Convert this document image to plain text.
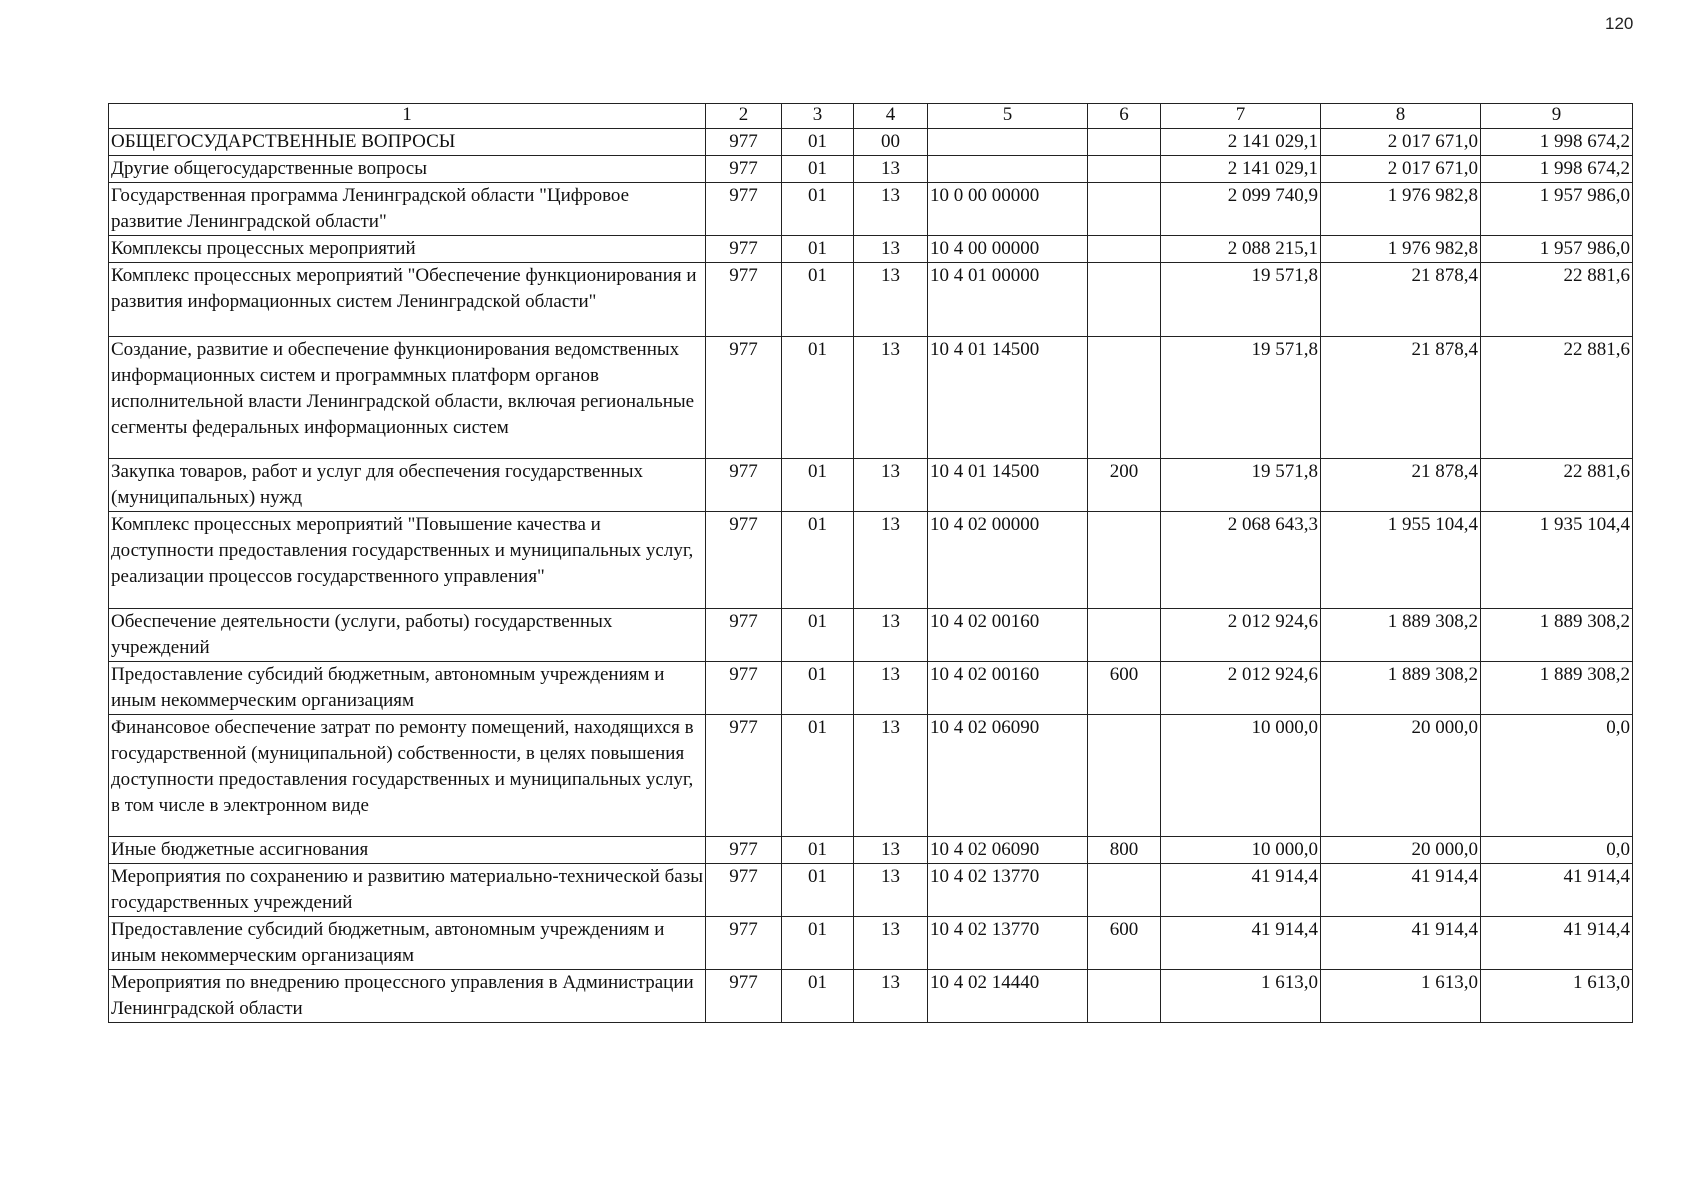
120
1	2	3	4	5	6	7	8	9
ОБЩЕГОСУДАРСТВЕННЫЕ ВОПРОСЫ	977	01	00			2 141 029,1	2 017 671,0	1 998 674,2
Другие общегосударственные вопросы	977	01	13			2 141 029,1	2 017 671,0	1 998 674,2
Государственная программа Ленинградской области "Цифровое развитие Ленинградской области"	977	01	13	10 0 00 00000		2 099 740,9	1 976 982,8	1 957 986,0
Комплексы процессных мероприятий	977	01	13	10 4 00 00000		2 088 215,1	1 976 982,8	1 957 986,0
Комплекс процессных мероприятий "Обеспечение функционирования и развития информационных систем Ленинградской области"	977	01	13	10 4 01 00000		19 571,8	21 878,4	22 881,6
Создание, развитие и обеспечение функционирования ведомственных информационных систем и программных платформ органов исполнительной власти Ленинградской области, включая региональные сегменты федеральных информационных систем	977	01	13	10 4 01 14500		19 571,8	21 878,4	22 881,6
Закупка товаров, работ и услуг для обеспечения государственных (муниципальных) нужд	977	01	13	10 4 01 14500	200	19 571,8	21 878,4	22 881,6
Комплекс процессных мероприятий "Повышение качества и доступности предоставления государственных и муниципальных услуг, реализации процессов государственного управления"	977	01	13	10 4 02 00000		2 068 643,3	1 955 104,4	1 935 104,4
Обеспечение деятельности (услуги, работы) государственных учреждений	977	01	13	10 4 02 00160		2 012 924,6	1 889 308,2	1 889 308,2
Предоставление субсидий бюджетным, автономным учреждениям и иным некоммерческим организациям	977	01	13	10 4 02 00160	600	2 012 924,6	1 889 308,2	1 889 308,2
Финансовое обеспечение затрат по ремонту помещений, находящихся в государственной (муниципальной) собственности, в целях повышения доступности предоставления государственных и муниципальных услуг, в том числе в электронном виде	977	01	13	10 4 02 06090		10 000,0	20 000,0	0,0
Иные бюджетные ассигнования	977	01	13	10 4 02 06090	800	10 000,0	20 000,0	0,0
Мероприятия по сохранению и развитию материально-технической базы государственных учреждений	977	01	13	10 4 02 13770		41 914,4	41 914,4	41 914,4
Предоставление субсидий бюджетным, автономным учреждениям и иным некоммерческим организациям	977	01	13	10 4 02 13770	600	41 914,4	41 914,4	41 914,4
Мероприятия по внедрению процессного управления в Администрации Ленинградской области	977	01	13	10 4 02 14440		1 613,0	1 613,0	1 613,0
